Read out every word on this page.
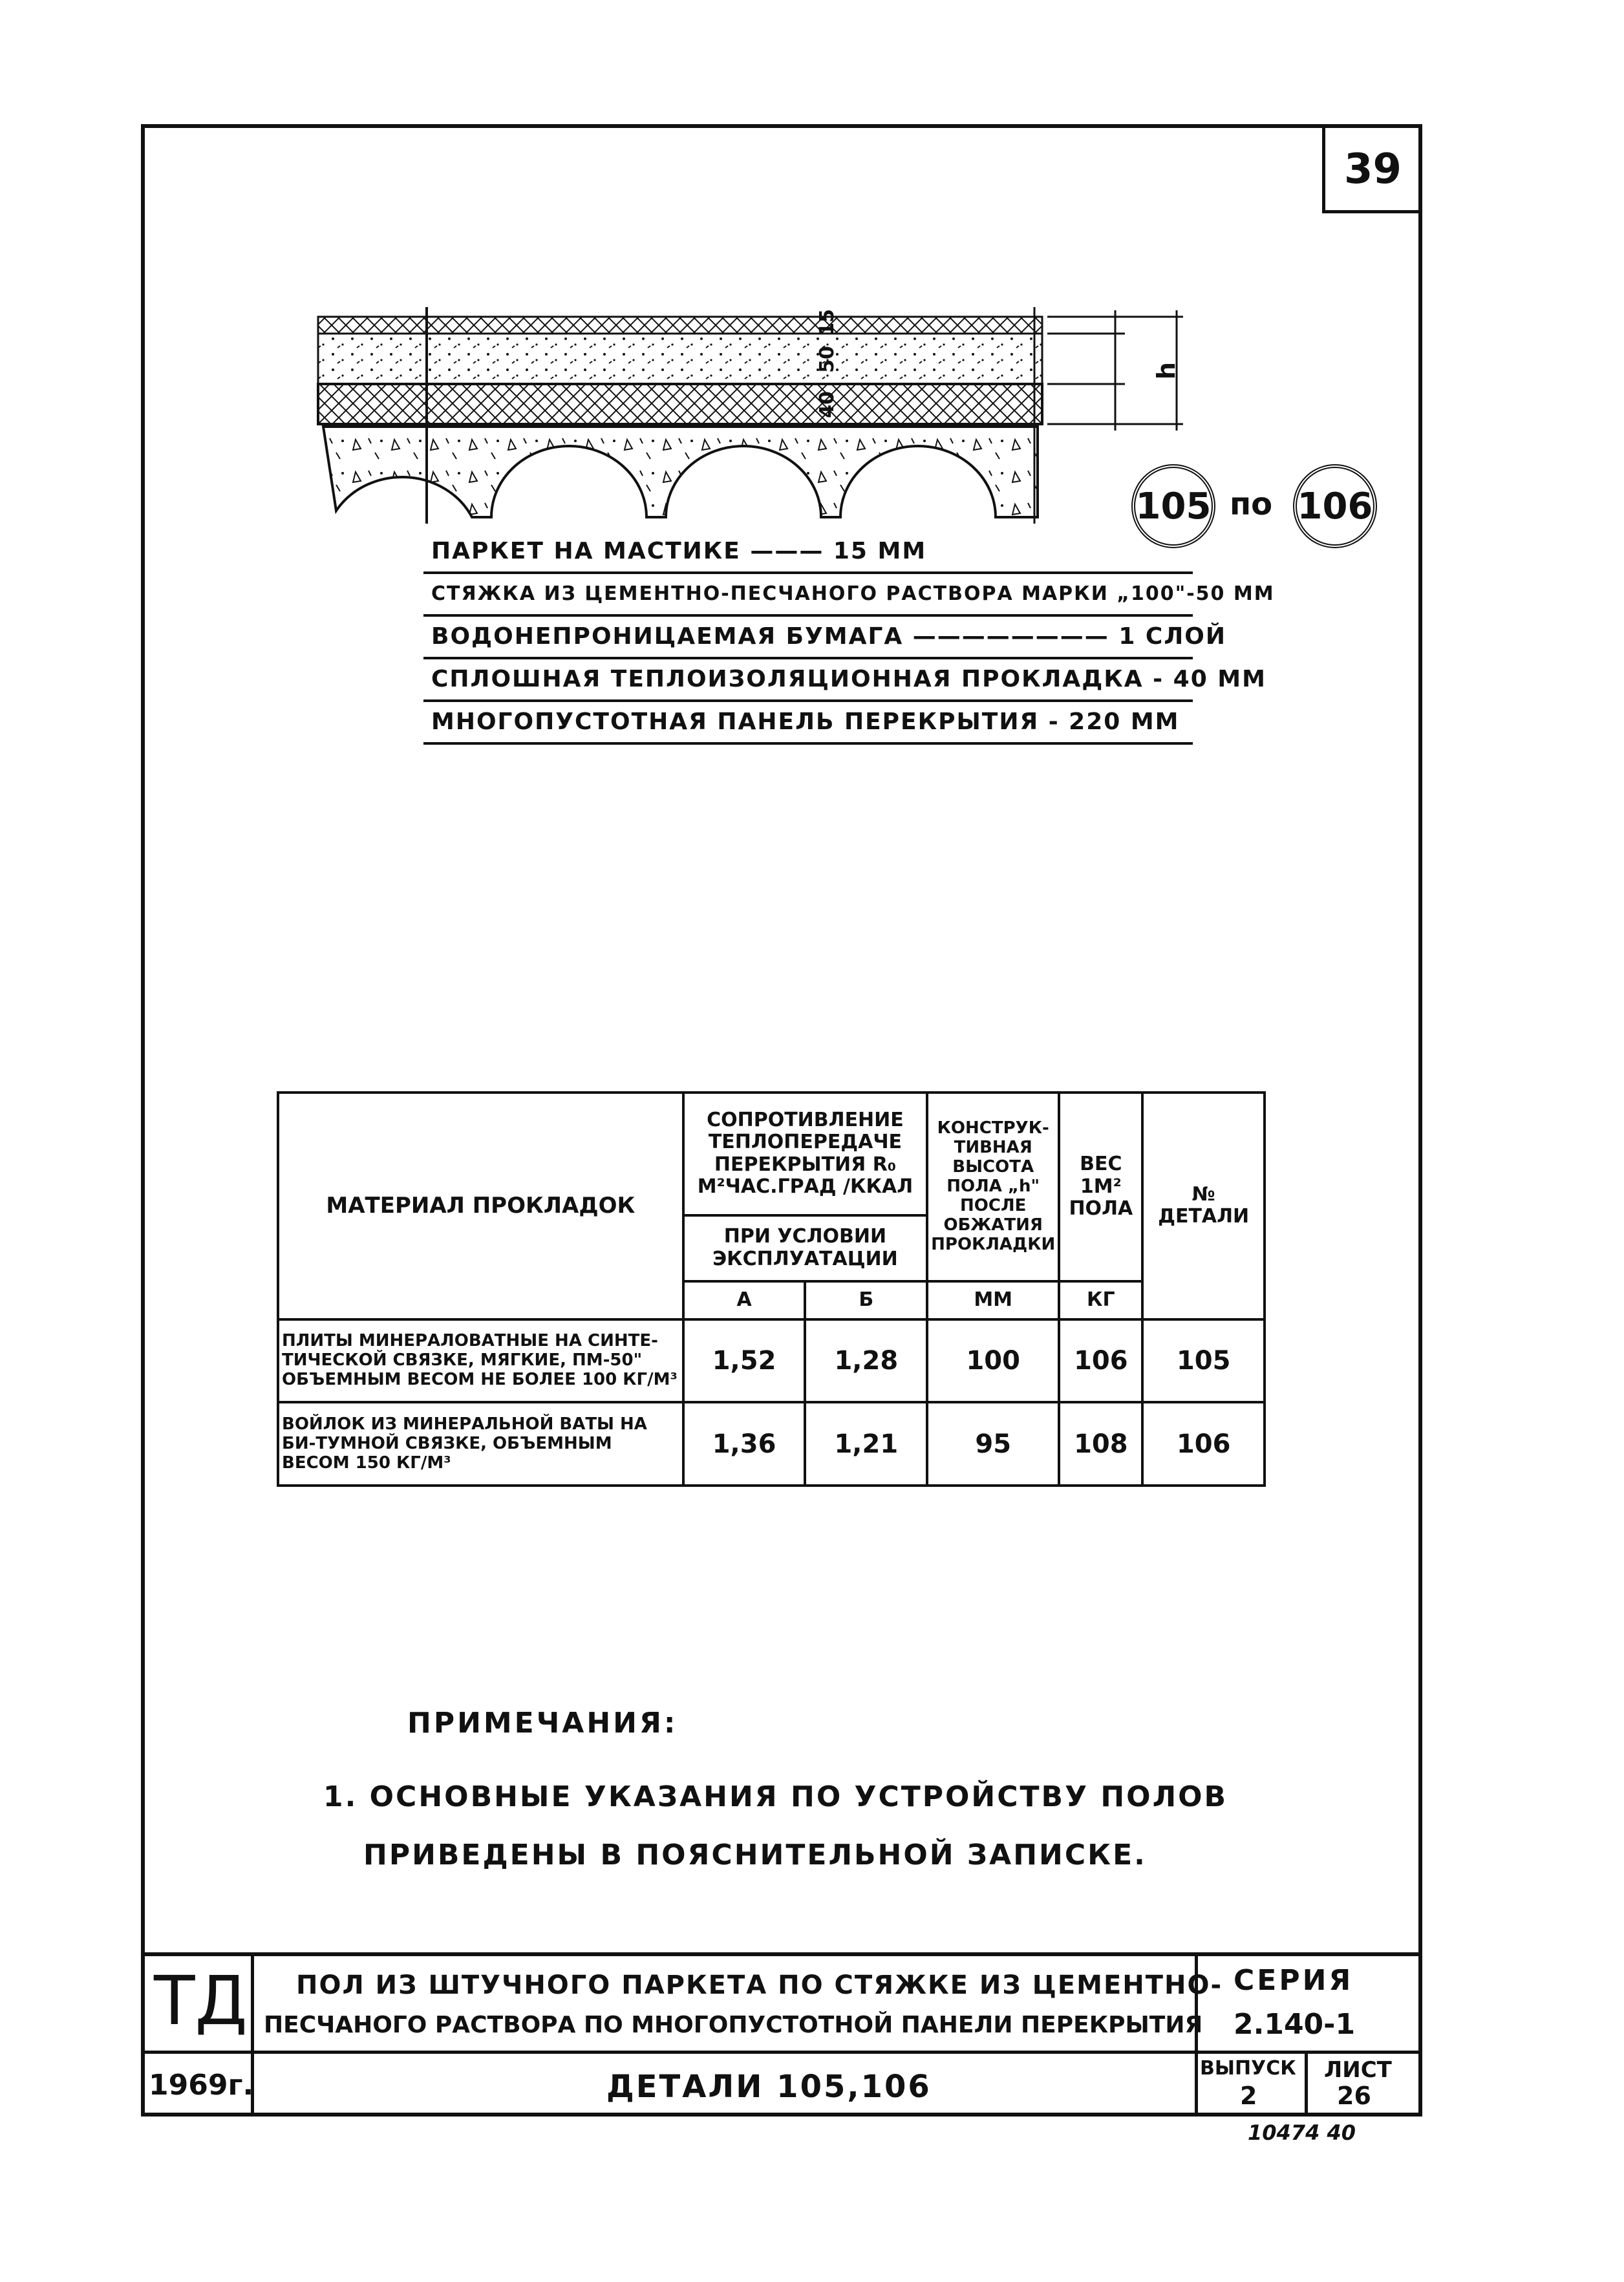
39
15
50
40
h
105 по 106
ПАРКЕТ НА МАСТИКЕ ——— 15 ММ
СТЯЖКА ИЗ ЦЕМЕНТНО-ПЕСЧАНОГО РАСТВОРА МАРКИ „100"-50 ММ
ВОДОНЕПРОНИЦАЕМАЯ БУМАГА ———————— 1 СЛОЙ
СПЛОШНАЯ ТЕПЛОИЗОЛЯЦИОННАЯ ПРОКЛАДКА - 40 ММ
МНОГОПУСТОТНАЯ ПАНЕЛЬ ПЕРЕКРЫТИЯ - 220 ММ
МАТЕРИАЛ ПРОКЛАДОК	СОПРОТИВЛЕНИЕ ТЕПЛОПЕРЕДАЧЕ ПЕРЕКРЫТИЯ R₀ М²ЧАС.ГРАД /ККАЛ		КОНСТРУК-ТИВНАЯ ВЫСОТА ПОЛА „h" ПОСЛЕ ОБЖАТИЯ ПРОКЛАДКИ	ВЕС 1М² ПОЛА	№ ДЕТАЛИ
	ПРИ УСЛОВИИ ЭКСПЛУАТАЦИИ				
	А	Б	ММ	КГ	
ПЛИТЫ МИНЕРАЛОВАТНЫЕ НА СИНТЕ-ТИЧЕСКОЙ СВЯЗКЕ, МЯГКИЕ, ПМ-50" ОБЪЕМНЫМ ВЕСОМ НЕ БОЛЕЕ 100 КГ/М³	1,52	1,28	100	106	105
ВОЙЛОК ИЗ МИНЕРАЛЬНОЙ ВАТЫ НА БИ-ТУМНОЙ СВЯЗКЕ, ОБЪЕМНЫМ ВЕСОМ 150 КГ/М³	1,36	1,21	95	108	106
ПРИМЕЧАНИЯ:
1. ОСНОВНЫЕ УКАЗАНИЯ ПО УСТРОЙСТВУ ПОЛОВ
ПРИВЕДЕНЫ В ПОЯСНИТЕЛЬНОЙ ЗАПИСКЕ.
ТД
1969г.
ПОЛ ИЗ ШТУЧНОГО ПАРКЕТА ПО СТЯЖКЕ ИЗ ЦЕМЕНТНО-
ПЕСЧАНОГО РАСТВОРА ПО МНОГОПУСТОТНОЙ ПАНЕЛИ ПЕРЕКРЫТИЯ
СЕРИЯ
2.140-1
ДЕТАЛИ 105,106
ВЫПУСК
2
ЛИСТ
26
10474 40
